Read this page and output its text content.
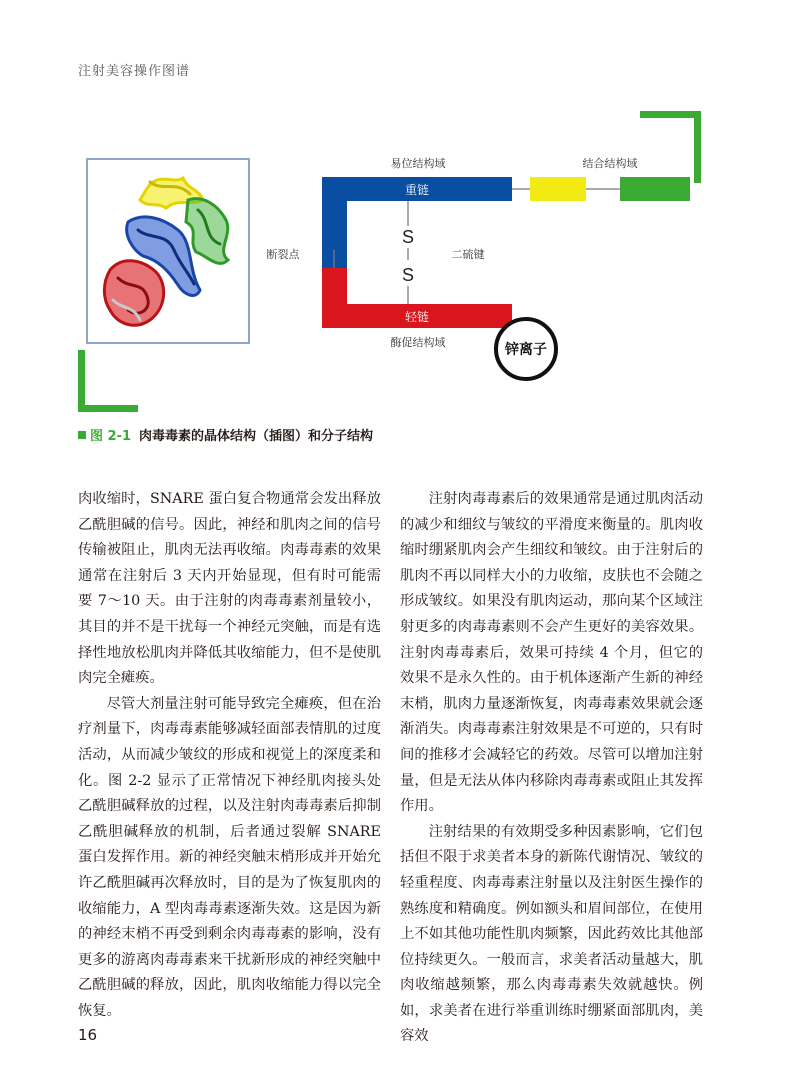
注射美容操作图谱
易位结构域	结合结构域
重链
S
S
二硫键
断裂点
轻链
锌离子
酶促结构域
图 2-1 肉毒毒素的晶体结构（插图）和分子结构

肉收缩时，SNARE 蛋白复合物通常会发出释放乙酰胆碱的信号。因此，神经和肌肉之间的信号传输被阻止，肌肉无法再收缩。肉毒毒素的效果通常在注射后 3 天内开始显现，但有时可能需要 7～10 天。由于注射的肉毒毒素剂量较小，其目的并不是干扰每一个神经元突触，而是有选择性地放松肌肉并降低其收缩能力，但不是使肌肉完全瘫痪。

尽管大剂量注射可能导致完全瘫痪，但在治疗剂量下，肉毒毒素能够减轻面部表情肌的过度活动，从而减少皱纹的形成和视觉上的深度柔和化。图 2-2 显示了正常情况下神经肌肉接头处乙酰胆碱释放的过程，以及注射肉毒毒素后抑制乙酰胆碱释放的机制，后者通过裂解 SNARE 蛋白发挥作用。新的神经突触末梢形成并开始允许乙酰胆碱再次释放时，目的是为了恢复肌肉的收缩能力，A 型肉毒毒素逐渐失效。这是因为新的神经末梢不再受到剩余肉毒毒素的影响，没有更多的游离肉毒毒素来干扰新形成的神经突触中乙酰胆碱的释放，因此，肌肉收缩能力得以完全恢复。

注射肉毒毒素后的效果通常是通过肌肉活动的减少和细纹与皱纹的平滑度来衡量的。肌肉收缩时绷紧肌肉会产生细纹和皱纹。由于注射后的肌肉不再以同样大小的力收缩，皮肤也不会随之形成皱纹。如果没有肌肉运动，那向某个区域注射更多的肉毒毒素则不会产生更好的美容效果。注射肉毒毒素后，效果可持续 4 个月，但它的效果不是永久性的。由于机体逐渐产生新的神经末梢，肌肉力量逐渐恢复，肉毒毒素效果就会逐渐消失。肉毒毒素注射效果是不可逆的，只有时间的推移才会减轻它的药效。尽管可以增加注射量，但是无法从体内移除肉毒毒素或阻止其发挥作用。

注射结果的有效期受多种因素影响，它们包括但不限于求美者本身的新陈代谢情况、皱纹的轻重程度、肉毒毒素注射量以及注射医生操作的熟练度和精确度。例如额头和眉间部位，在使用上不如其他功能性肌肉频繁，因此药效比其他部位持续更久。一般而言，求美者活动量越大，肌肉收缩越频繁，那么肉毒毒素失效就越快。例如，求美者在进行举重训练时绷紧面部肌肉，美容效

16
